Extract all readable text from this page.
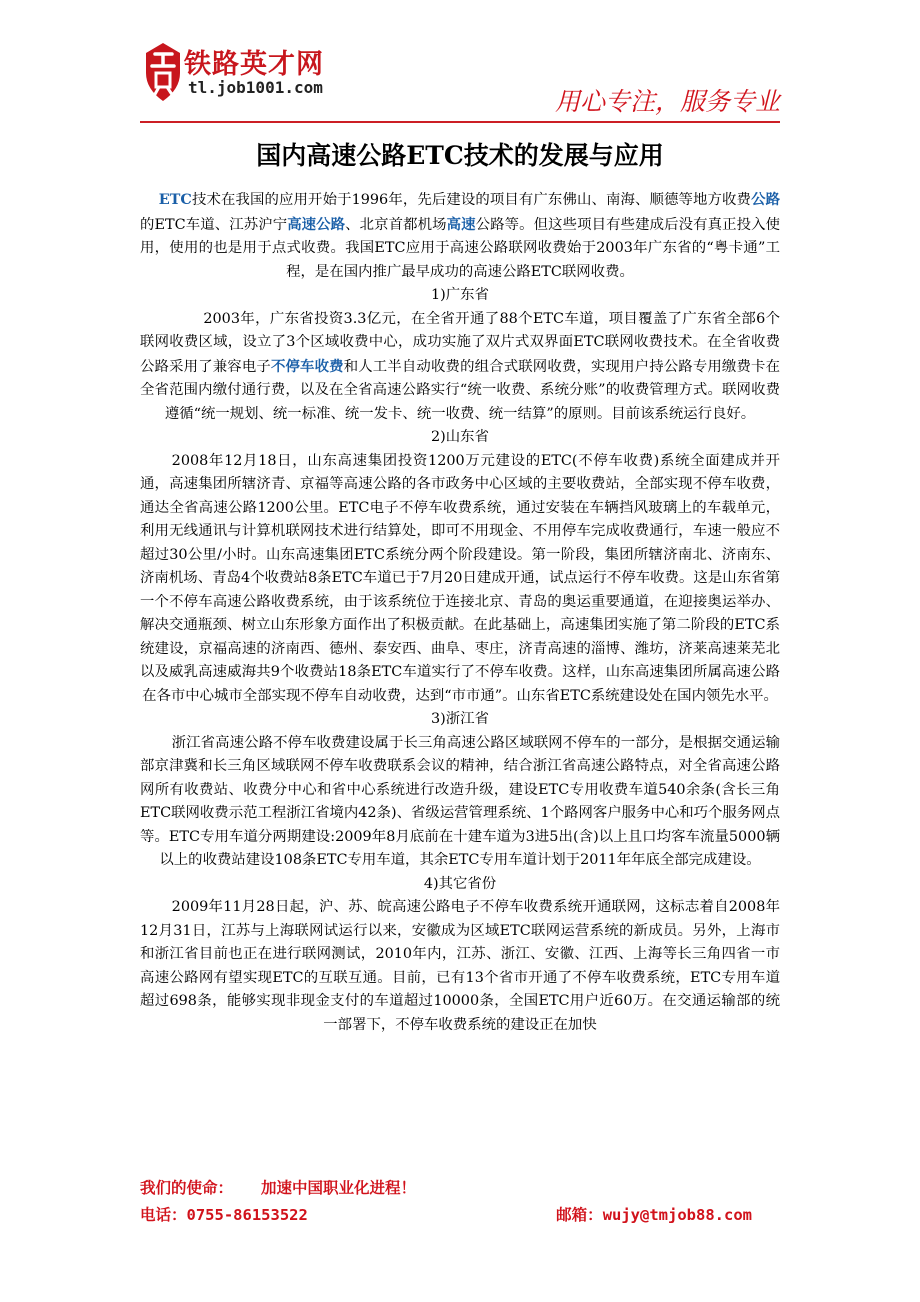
铁路英才网
tl.job1001.com	用心专注，服务专业
国内高速公路ETC技术的发展与应用

ETC技术在我国的应用开始于1996年，先后建设的项目有广东佛山、南海、顺德等地方收费公路的ETC车道、江苏沪宁高速公路、北京首都机场高速公路等。但这些项目有些建成后没有真正投入使用，使用的也是用于点式收费。我国ETC应用于高速公路联网收费始于2003年广东省的“粤卡通”工程，是在国内推广最早成功的高速公路ETC联网收费。

1)广东省

2003年，广东省投资3.3亿元，在全省开通了88个ETC车道，项目覆盖了广东省全部6个联网收费区域，设立了3个区域收费中心，成功实施了双片式双界面ETC联网收费技术。在全省收费公路采用了兼容电子不停车收费和人工半自动收费的组合式联网收费，实现用户持公路专用缴费卡在全省范围内缴付通行费，以及在全省高速公路实行“统一收费、系统分账”的收费管理方式。联网收费遵循“统一规划、统一标准、统一发卡、统一收费、统一结算”的原则。目前该系统运行良好。

2)山东省

2008年12月18日，山东高速集团投资1200万元建设的ETC(不停车收费)系统全面建成并开通，高速集团所辖济青、京福等高速公路的各市政务中心区域的主要收费站，全部实现不停车收费，通达全省高速公路1200公里。ETC电子不停车收费系统，通过安装在车辆挡风玻璃上的车载单元，利用无线通讯与计算机联网技术进行结算处，即可不用现金、不用停车完成收费通行，车速一般应不超过30公里/小时。山东高速集团ETC系统分两个阶段建设。第一阶段，集团所辖济南北、济南东、济南机场、青岛4个收费站8条ETC车道已于7月20日建成开通，试点运行不停车收费。这是山东省第一个不停车高速公路收费系统，由于该系统位于连接北京、青岛的奥运重要通道，在迎接奥运举办、解决交通瓶颈、树立山东形象方面作出了积极贡献。在此基础上，高速集团实施了第二阶段的ETC系统建设，京福高速的济南西、德州、泰安西、曲阜、枣庄，济青高速的淄博、潍坊，济莱高速莱芜北以及威乳高速威海共9个收费站18条ETC车道实行了不停车收费。这样，山东高速集团所属高速公路在各市中心城市全部实现不停车自动收费，达到“市市通”。山东省ETC系统建设处在国内领先水平。

3)浙江省

浙江省高速公路不停车收费建设属于长三角高速公路区域联网不停车的一部分，是根据交通运输部京津冀和长三角区域联网不停车收费联系会议的精神，结合浙江省高速公路特点，对全省高速公路网所有收费站、收费分中心和省中心系统进行改造升级，建设ETC专用收费车道540余条(含长三角ETC联网收费示范工程浙江省境内42条)、省级运营管理系统、1个路网客户服务中心和巧个服务网点等。ETC专用车道分两期建设:2009年8月底前在十建车道为3进5出(含)以上且口均客车流量5000辆以上的收费站建设108条ETC专用车道，其余ETC专用车道计划于2011年年底全部完成建设。

4)其它省份

2009年11月28日起，沪、苏、皖高速公路电子不停车收费系统开通联网，这标志着自2008年12月31日，江苏与上海联网试运行以来，安徽成为区域ETC联网运营系统的新成员。另外，上海市和浙江省目前也正在进行联网测试，2010年内，江苏、浙江、安徽、江西、上海等长三角四省一市高速公路网有望实现ETC的互联互通。目前，已有13个省市开通了不停车收费系统，ETC专用车道超过698条，能够实现非现金支付的车道超过10000条，全国ETC用户近60万。在交通运输部的统一部署下，不停车收费系统的建设正在加快

我们的使命： 加速中国职业化进程！
电话：0755-86153522	邮箱：wujy@tmjob88.com
